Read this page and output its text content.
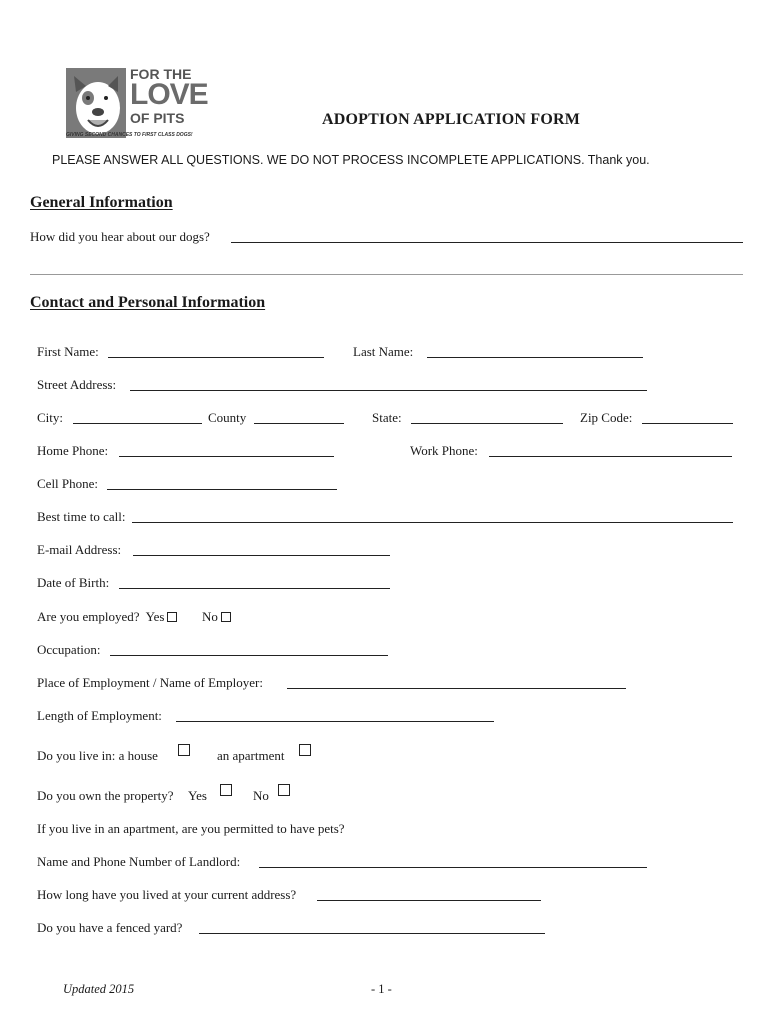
FOR THE
LOVE
OF PITS
GIVING SECOND CHANCES TO FIRST CLASS DOGS!
ADOPTION APPLICATION FORM
PLEASE ANSWER ALL QUESTIONS. WE DO NOT PROCESS INCOMPLETE APPLICATIONS. Thank you.
General Information
How did you hear about our dogs?
Contact and Personal Information
First Name:	Last Name:
Street Address:
City:	County	State:	Zip Code:
Home Phone:	Work Phone:
Cell Phone:
Best time to call:
E-mail Address:
Date of Birth:
Are you employed? Yes	No
Occupation:
Place of Employment / Name of Employer:
Length of Employment:
Do you live in: a house	an apartment
Do you own the property? Yes	No
If you live in an apartment, are you permitted to have pets?
Name and Phone Number of Landlord:
How long have you lived at your current address?
Do you have a fenced yard?
Updated 2015	- 1 -
